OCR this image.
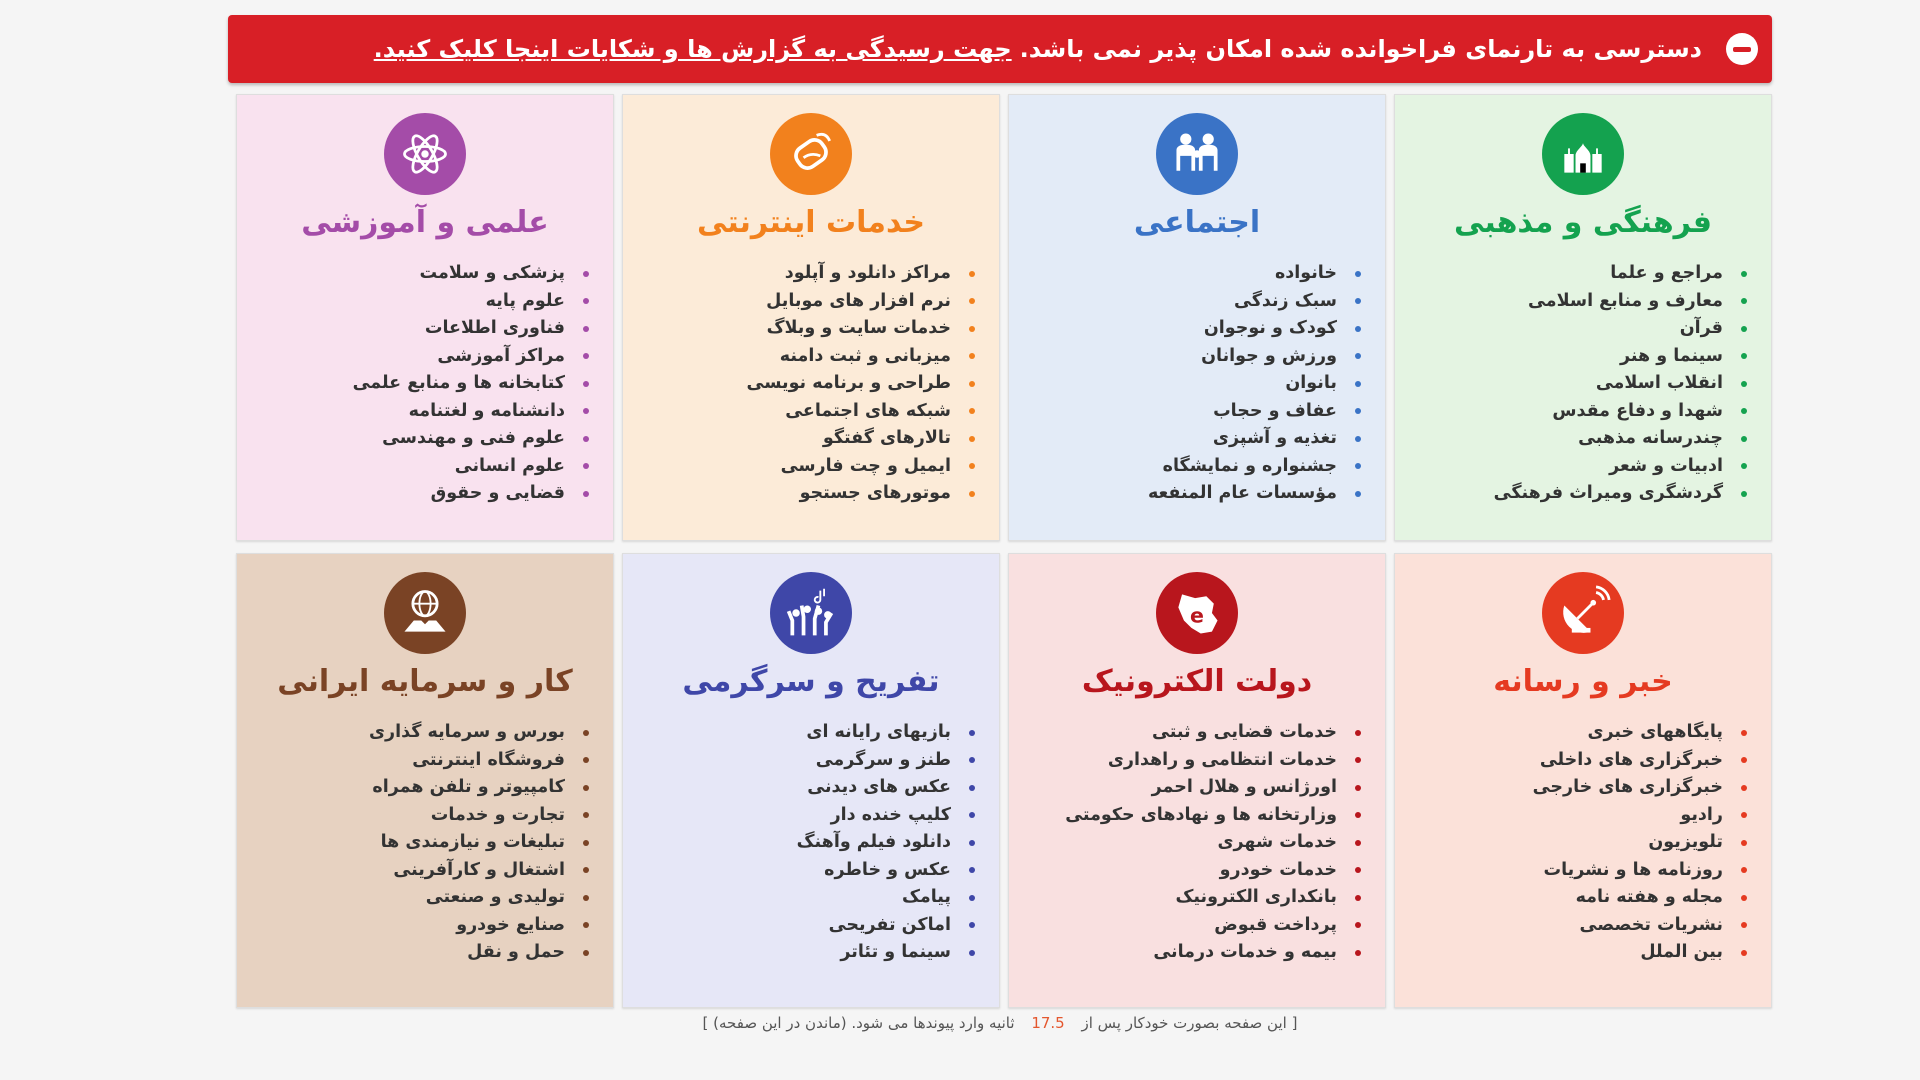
دسترسی به تارنمای فراخوانده شده امکان پذیر نمی باشد.
جهت رسیدگی به گزارش ها و شکایات اینجا کلیک کنید.
فرهنگی و مذهبی
مراجع و علما
معارف و منابع اسلامی
قرآن
سینما و هنر
انقلاب اسلامی
شهدا و دفاع مقدس
چندرسانه مذهبی
ادبیات و شعر
گردشگری ومیراث فرهنگی
اجتماعی
خانواده
سبک زندگی
کودک و نوجوان
ورزش و جوانان
بانوان
عفاف و حجاب
تغذیه و آشپزی
جشنواره و نمایشگاه
مؤسسات عام المنفعه
خدمات اینترنتی
مراکز دانلود و آپلود
نرم افزار های موبایل
خدمات سایت و وبلاگ
میزبانی و ثبت دامنه
طراحی و برنامه نویسی
شبکه های اجتماعی
تالارهای گفتگو
ایمیل و چت فارسی
موتورهای جستجو
علمی و آموزشی
پزشکی و سلامت
علوم پایه
فناوری اطلاعات
مراکز آموزشی
کتابخانه ها و منابع علمی
دانشنامه و لغتنامه
علوم فنی و مهندسی
علوم انسانی
قضایی و حقوق
خبر و رسانه
پایگاههای خبری
خبرگزاری های داخلی
خبرگزاری های خارجی
رادیو
تلویزیون
روزنامه ها و نشریات
مجله و هفته نامه
نشریات تخصصی
بین الملل
e
دولت الکترونیک
خدمات قضایی و ثبتی
خدمات انتظامی و راهداری
اورژانس و هلال احمر
وزارتخانه ها و نهادهای حکومتی
خدمات شهری
خدمات خودرو
بانکداری الکترونیک
پرداخت قبوض
بیمه و خدمات درمانی
تفریح و سرگرمی
بازیهای رایانه ای
طنز و سرگرمی
عکس های دیدنی
کلیپ خنده دار
دانلود فیلم وآهنگ
عکس و خاطره
پیامک
اماکن تفریحی
سینما و تئاتر
کار و سرمایه ایرانی
بورس و سرمایه گذاری
فروشگاه اینترنتی
کامپیوتر و تلفن همراه
تجارت و خدمات
تبلیغات و نیازمندی ها
اشتغال و کارآفرینی
تولیدی و صنعتی
صنایع خودرو
حمل و نقل
[ این صفحه بصورت خودکار پس از 17.5 ثانیه وارد پیوندها می شود. (ماندن در این صفحه) ]
